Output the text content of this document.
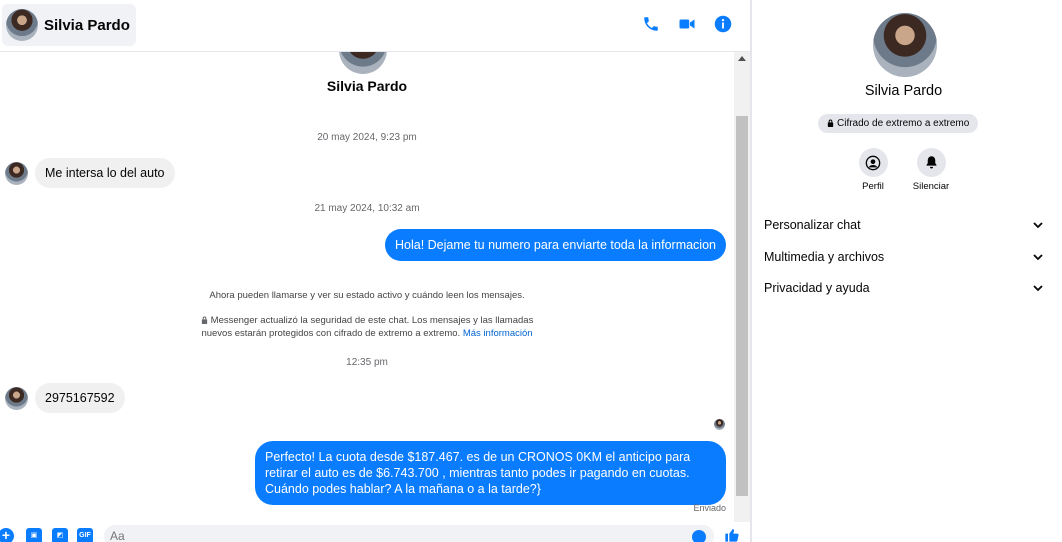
Silvia Pardo
Silvia Pardo
20 may 2024, 9:23 pm
Me intersa lo del auto
21 may 2024, 10:32 am
Hola! Dejame tu numero para enviarte toda la informacion
Ahora pueden llamarse y ver su estado activo y cuándo leen los mensajes.
Messenger actualizó la seguridad de este chat. Los mensajes y las llamadas
nuevos estarán protegidos con cifrado de extremo a extremo. Más información
12:35 pm
2975167592
Perfecto! La cuota desde $187.467. es de un CRONOS 0KM el anticipo para retirar el auto es de $6.743.700 , mientras tanto podes ir pagando en cuotas. Cuándo podes hablar? A la mañana o a la tarde?}
Enviado
+	▣	◩	GIF
Aa
Silvia Pardo
Cifrado de extremo a extremo
Perfil	Silenciar
Personalizar chat
Multimedia y archivos
Privacidad y ayuda
